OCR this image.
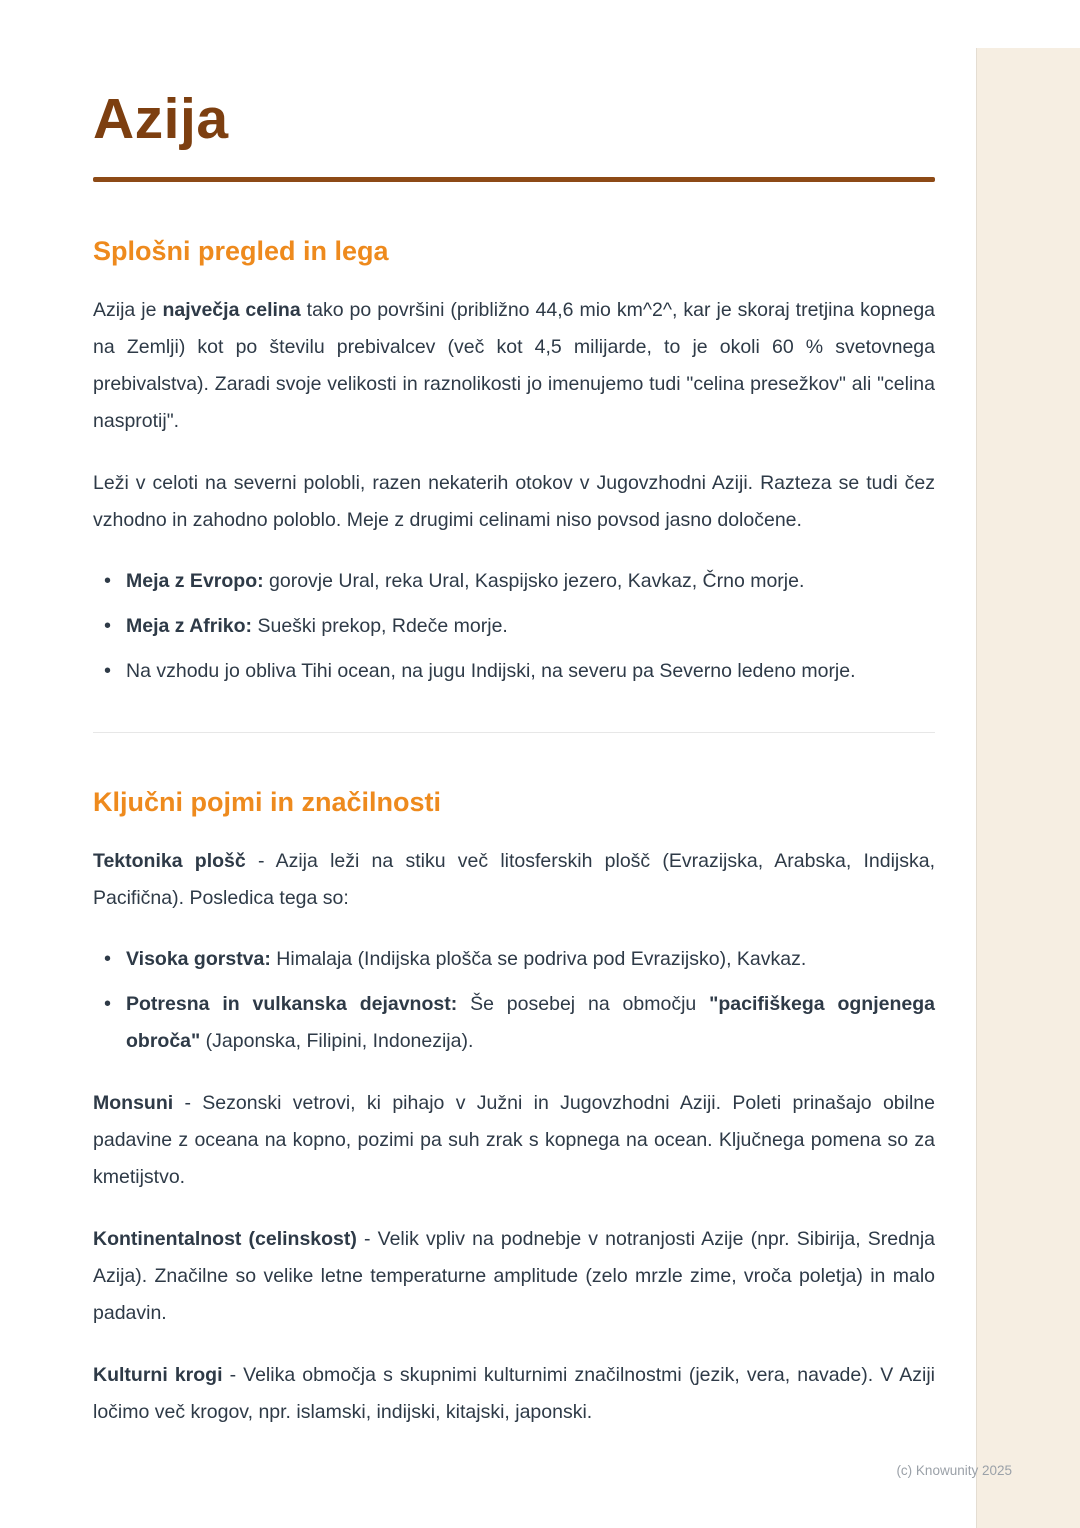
Azija
Splošni pregled in lega

Azija je največja celina tako po površini (približno 44,6 mio km^2^, kar je skoraj tretjina kopnega na Zemlji) kot po številu prebivalcev (več kot 4,5 milijarde, to je okoli 60 % svetovnega prebivalstva). Zaradi svoje velikosti in raznolikosti jo imenujemo tudi "celina presežkov" ali "celina nasprotij".

Leži v celoti na severni polobli, razen nekaterih otokov v Jugovzhodni Aziji. Razteza se tudi čez vzhodno in zahodno poloblo. Meje z drugimi celinami niso povsod jasno določene.

• Meja z Evropo: gorovje Ural, reka Ural, Kaspijsko jezero, Kavkaz, Črno morje.
• Meja z Afriko: Sueški prekop, Rdeče morje.
• Na vzhodu jo obliva Tihi ocean, na jugu Indijski, na severu pa Severno ledeno morje.
Ključni pojmi in značilnosti

Tektonika plošč - Azija leži na stiku več litosferskih plošč (Evrazijska, Arabska, Indijska, Pacifična). Posledica tega so:

• Visoka gorstva: Himalaja (Indijska plošča se podriva pod Evrazijsko), Kavkaz.
• Potresna in vulkanska dejavnost: Še posebej na območju "pacifiškega ognjenega obroča" (Japonska, Filipini, Indonezija).

Monsuni - Sezonski vetrovi, ki pihajo v Južni in Jugovzhodni Aziji. Poleti prinašajo obilne padavine z oceana na kopno, pozimi pa suh zrak s kopnega na ocean. Ključnega pomena so za kmetijstvo.

Kontinentalnost (celinskost) - Velik vpliv na podnebje v notranjosti Azije (npr. Sibirija, Srednja Azija). Značilne so velike letne temperaturne amplitude (zelo mrzle zime, vroča poletja) in malo padavin.

Kulturni krogi - Velika območja s skupnimi kulturnimi značilnostmi (jezik, vera, navade). V Aziji ločimo več krogov, npr. islamski, indijski, kitajski, japonski.

(c) Knowunity 2025
